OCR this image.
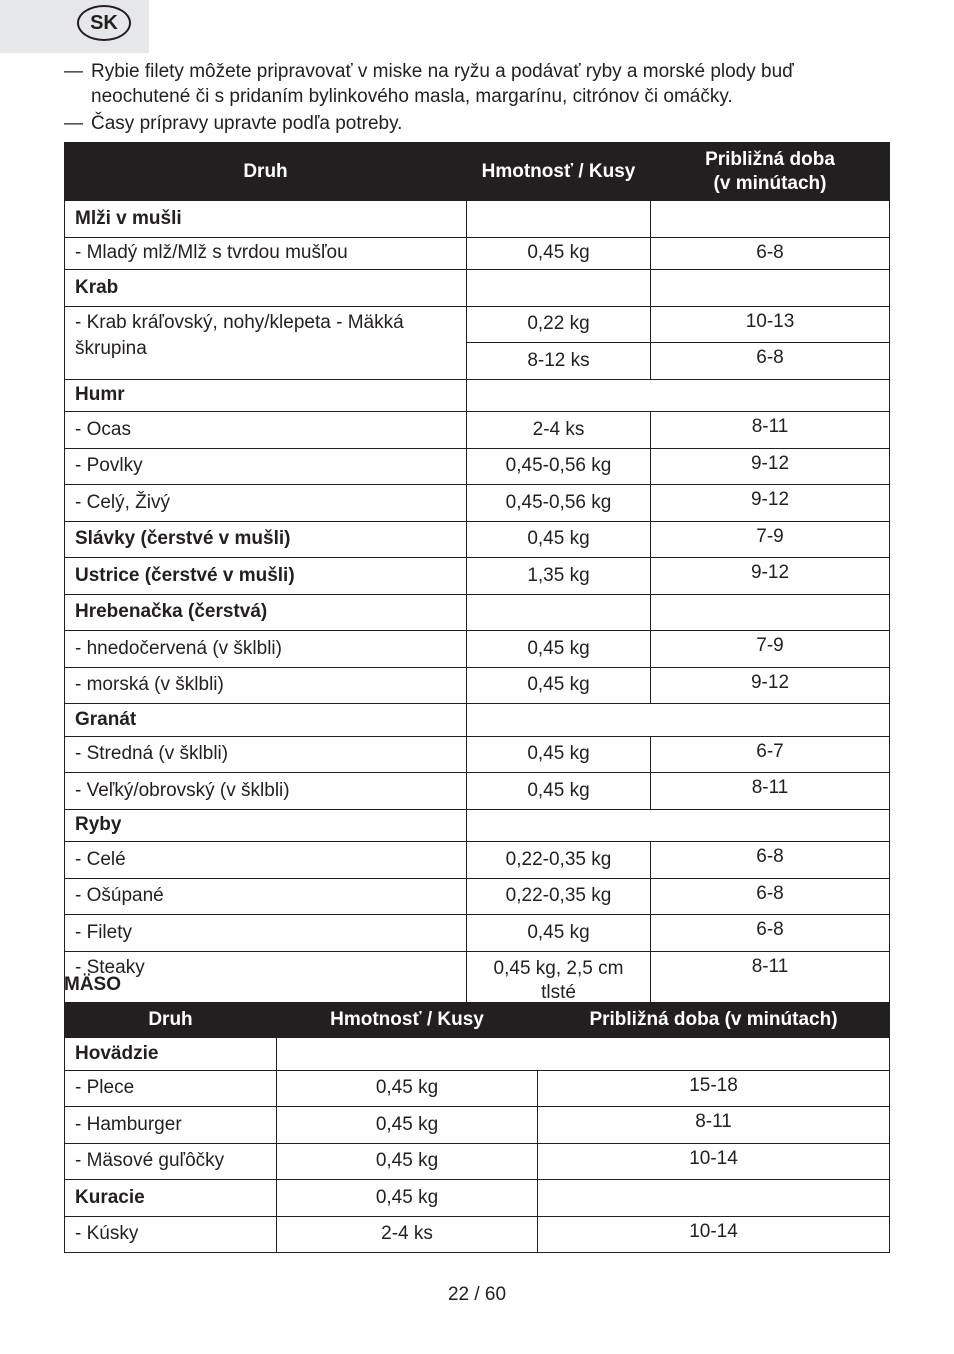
SK
— Rybie filety môžete pripravovať v miske na ryžu a podávať ryby a morské plody buď neochutené či s pridaním bylinkového masla, margarínu, citrónov či omáčky.
— Časy prípravy upravte podľa potreby.
Druh	Hmotnosť / Kusy	Približná doba
(v minútach)
Mlži v mušli		
- Mladý mlž/Mlž s tvrdou mušľou	0,45 kg	6-8
Krab		
- Krab kráľovský, nohy/klepeta - Mäkká škrupina	0,22 kg	10-13
	8-12 ks	6-8
Humr		
- Ocas	2-4 ks	8-11
- Povlky	0,45-0,56 kg	9-12
- Celý, Živý	0,45-0,56 kg	9-12
Slávky (čerstvé v mušli)	0,45 kg	7-9
Ustrice (čerstvé v mušli)	1,35 kg	9-12
Hrebenačka (čerstvá)		
- hnedočervená (v šklbli)	0,45 kg	7-9
- morská (v šklbli)	0,45 kg	9-12
Granát		
- Stredná (v šklbli)	0,45 kg	6-7
- Veľký/obrovský (v šklbli)	0,45 kg	8-11
Ryby		
- Celé	0,22-0,35 kg	6-8
- Ošúpané	0,22-0,35 kg	6-8
- Filety	0,45 kg	6-8
- Steaky	0,45 kg, 2,5 cm tlsté	8-11
MÄSO
Druh	Hmotnosť / Kusy	Približná doba (v minútach)
Hovädzie		
- Plece	0,45 kg	15-18
- Hamburger	0,45 kg	8-11
- Mäsové guľôčky	0,45 kg	10-14
Kuracie	0,45 kg	
- Kúsky	2-4 ks	10-14
22 / 60
